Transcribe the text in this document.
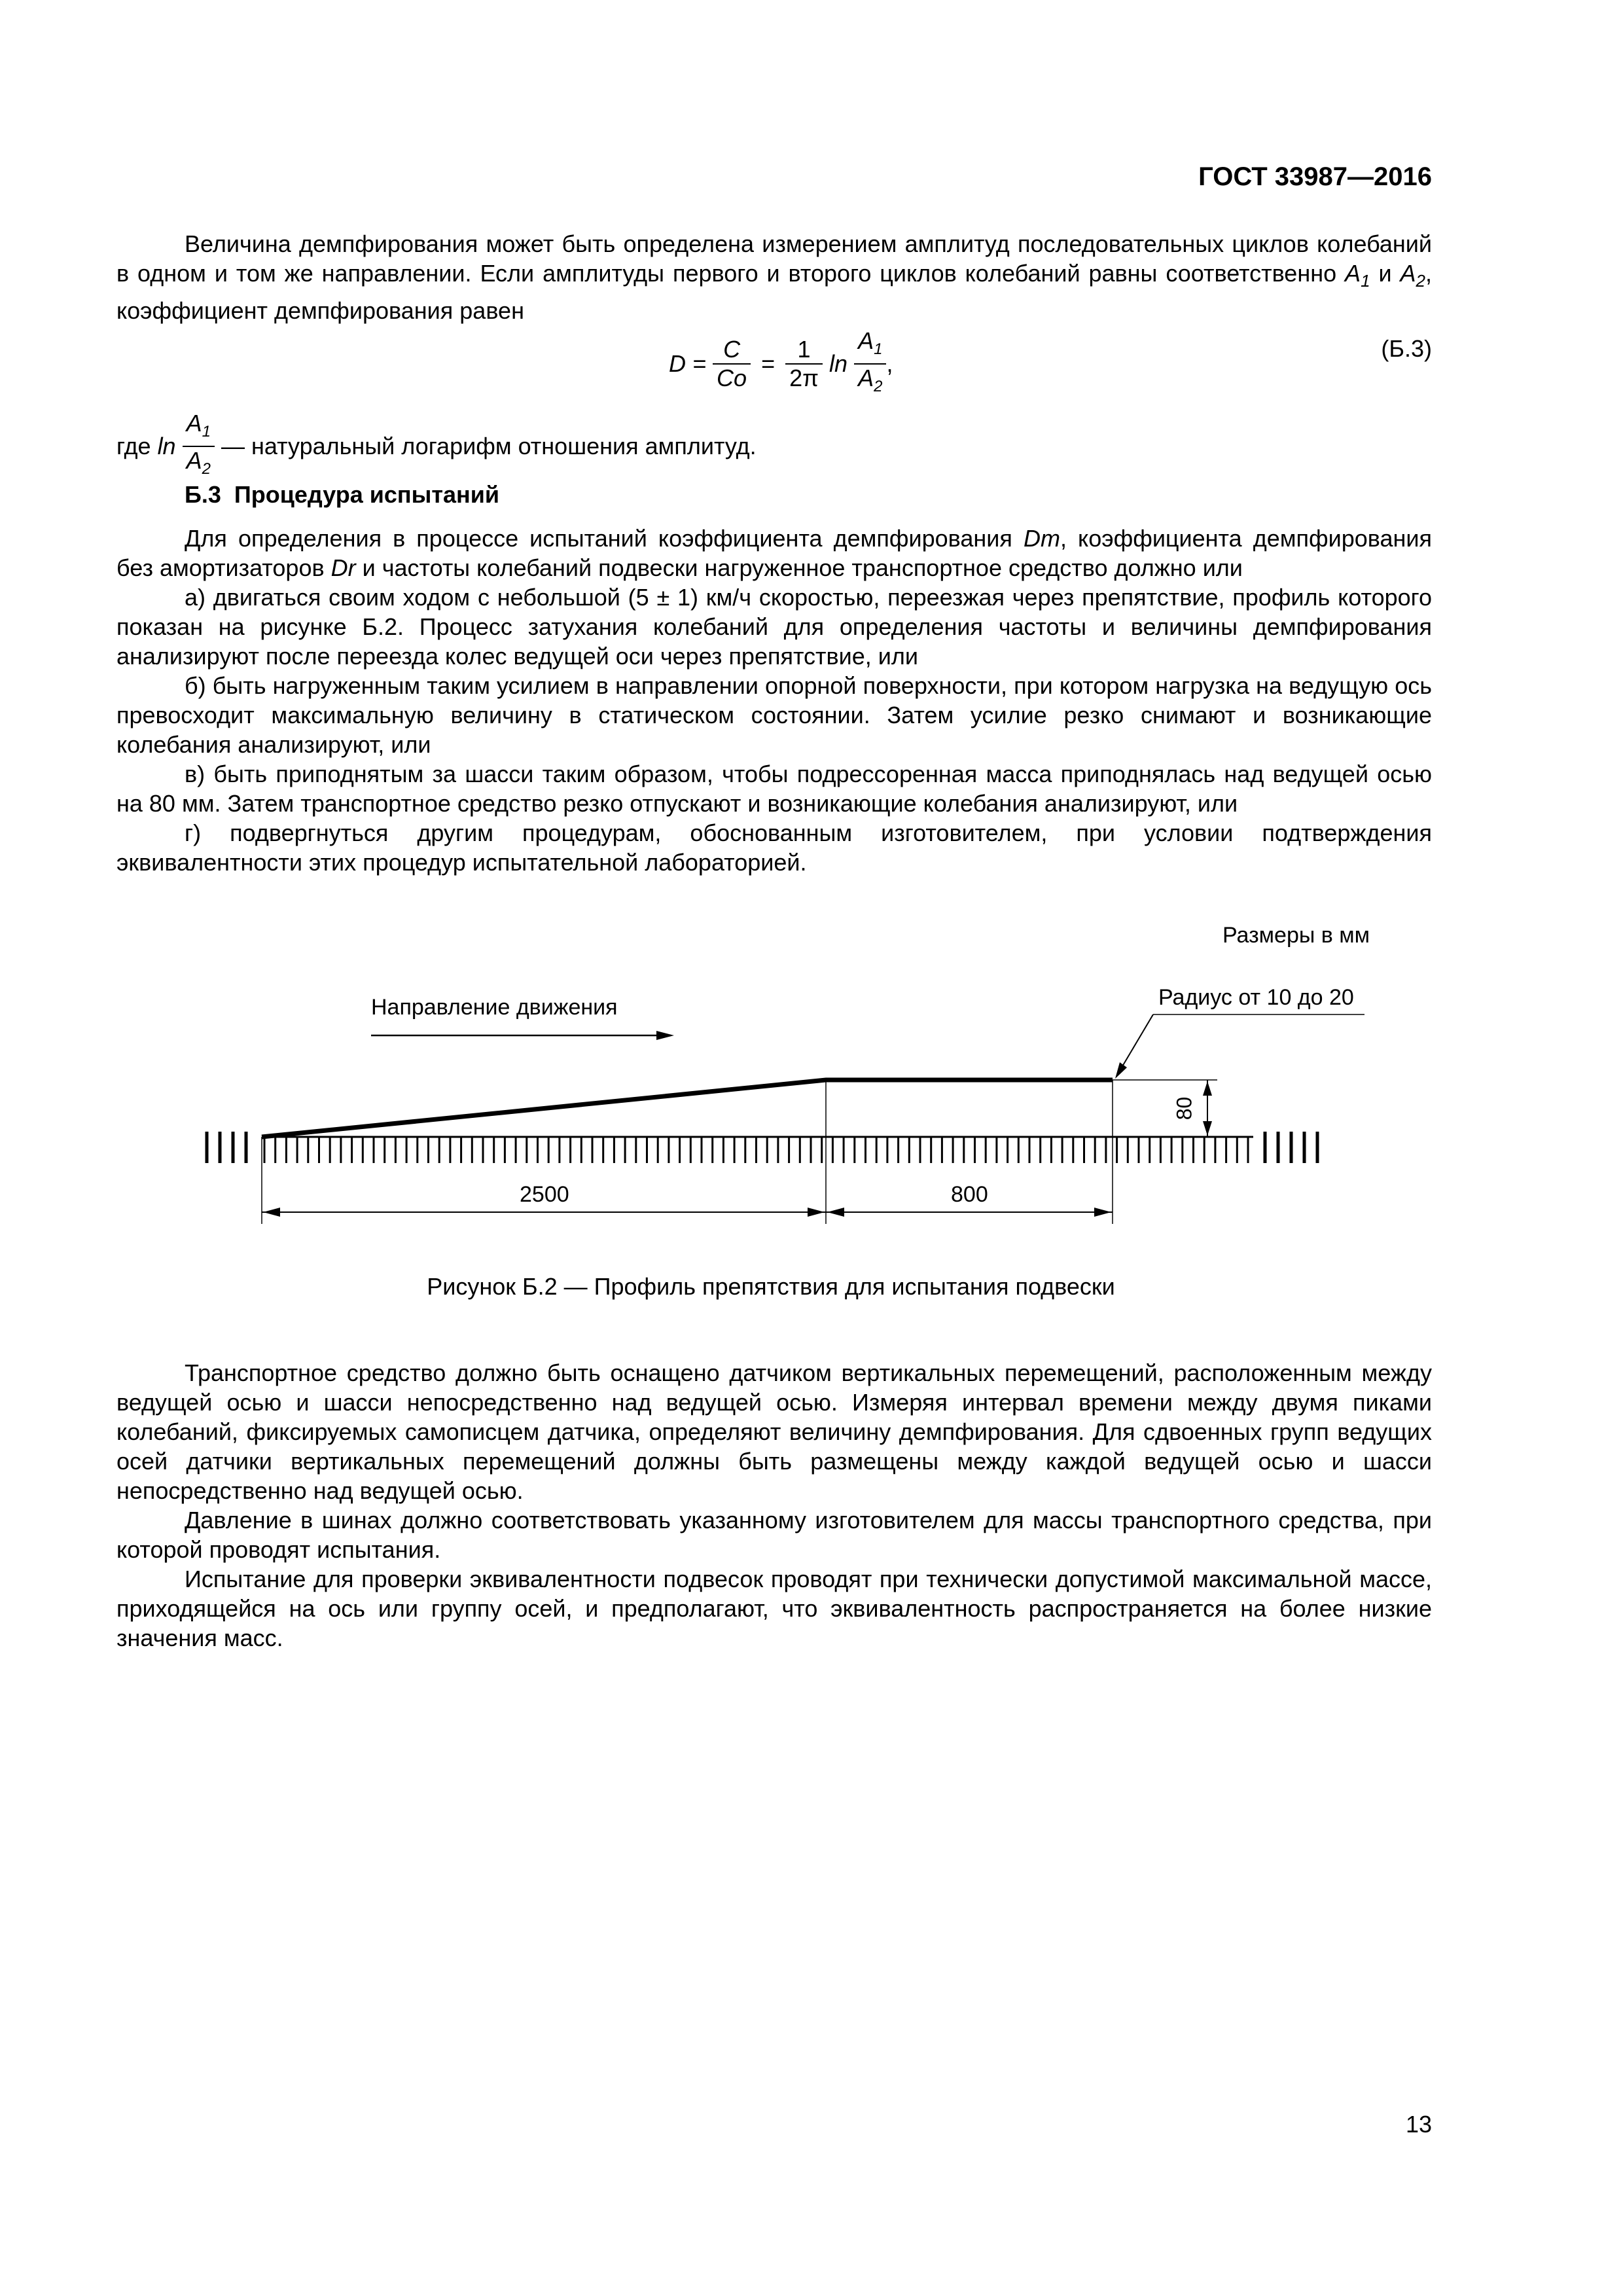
ГОСТ 33987—2016
Величина демпфирования может быть определена измерением амплитуд последовательных циклов колебаний в одном и том же направлении. Если амплитуды первого и второго циклов колебаний равны соответственно $A_1$ и $A_2$, коэффициент демпфирования равен
$D = \frac{C}{Co} = \frac{1}{2\pi}$ $\ln \frac{A_1}{A_2}$ ,
(Б.3)
где $\ln \frac{A_1}{A_2}$ — натуральный логарифм отношения амплитуд.
Б.3  Процедура испытаний
Для определения в процессе испытаний коэффициента демпфирования Dm, коэффициента демпфирования без амортизаторов Dr и частоты колебаний подвески нагруженное транспортное средство должно или
а) двигаться своим ходом с небольшой (5 ± 1) км/ч скоростью, переезжая через препятствие, профиль которого показан на рисунке Б.2. Процесс затухания колебаний для определения частоты и величины демпфирования анализируют после переезда колес ведущей оси через препятствие, или
б) быть нагруженным таким усилием в направлении опорной поверхности, при котором нагрузка на ведущую ось превосходит максимальную величину в статическом состоянии. Затем усилие резко снимают и возникающие колебания анализируют, или
в) быть приподнятым за шасси таким образом, чтобы подрессоренная масса приподнялась над ведущей осью на 80 мм. Затем транспортное средство резко отпускают и возникающие колебания анализируют, или
г) подвергнуться другим процедурам, обоснованным изготовителем, при условии подтверждения эквивалентности этих процедур испытательной лабораторией.
Размеры в мм
Направление движения	Радиус от 10 до 20
80
2500	800
Рисунок Б.2 — Профиль препятствия для испытания подвески
Транспортное средство должно быть оснащено датчиком вертикальных перемещений, расположенным между ведущей осью и шасси непосредственно над ведущей осью. Измеряя интервал времени между двумя пиками колебаний, фиксируемых самописцем датчика, определяют величину демпфирования. Для сдвоенных групп ведущих осей датчики вертикальных перемещений должны быть размещены между каждой ведущей осью и шасси непосредственно над ведущей осью.
Давление в шинах должно соответствовать указанному изготовителем для массы транспортного средства, при которой проводят испытания.
Испытание для проверки эквивалентности подвесок проводят при технически допустимой максимальной массе, приходящейся на ось или группу осей, и предполагают, что эквивалентность распространяется на более низкие значения масс.
13
